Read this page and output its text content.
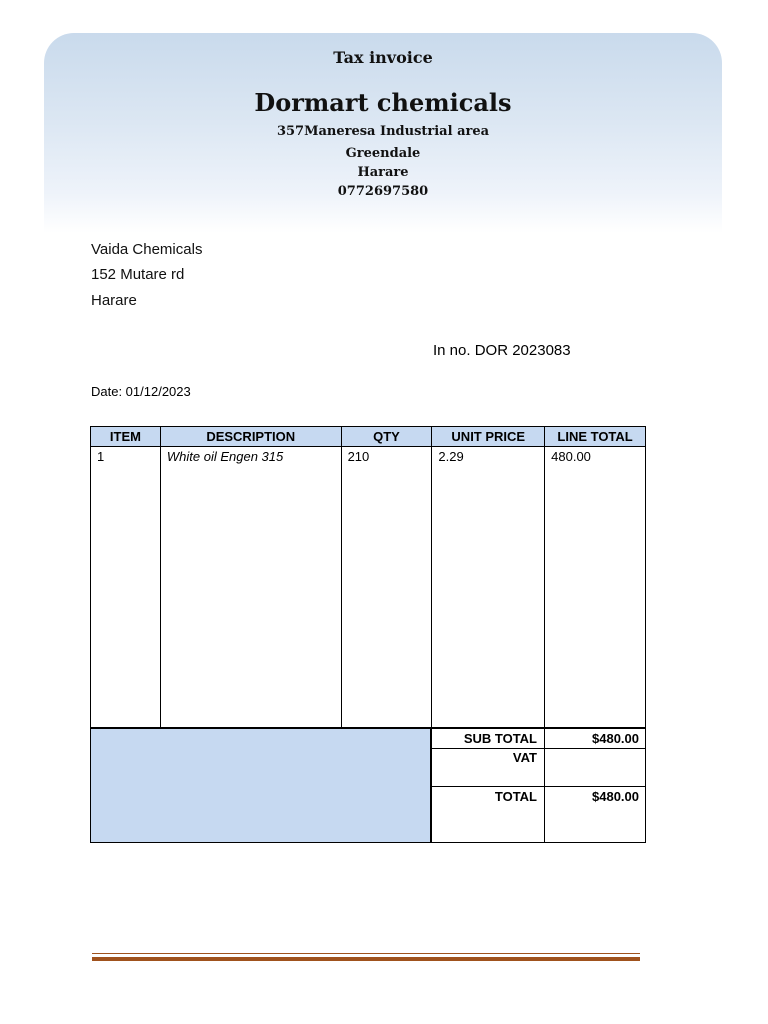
Tax invoice
Dormart chemicals
357Maneresa Industrial area
Greendale
Harare
0772697580
Vaida Chemicals
152 Mutare rd
Harare
In no. DOR 2023083
Date: 01/12/2023
ITEM	DESCRIPTION	QTY	UNIT PRICE	LINE TOTAL
1	White oil Engen 315	210	2.29	480.00
SUB TOTAL	$480.00
VAT
TOTAL	$480.00
